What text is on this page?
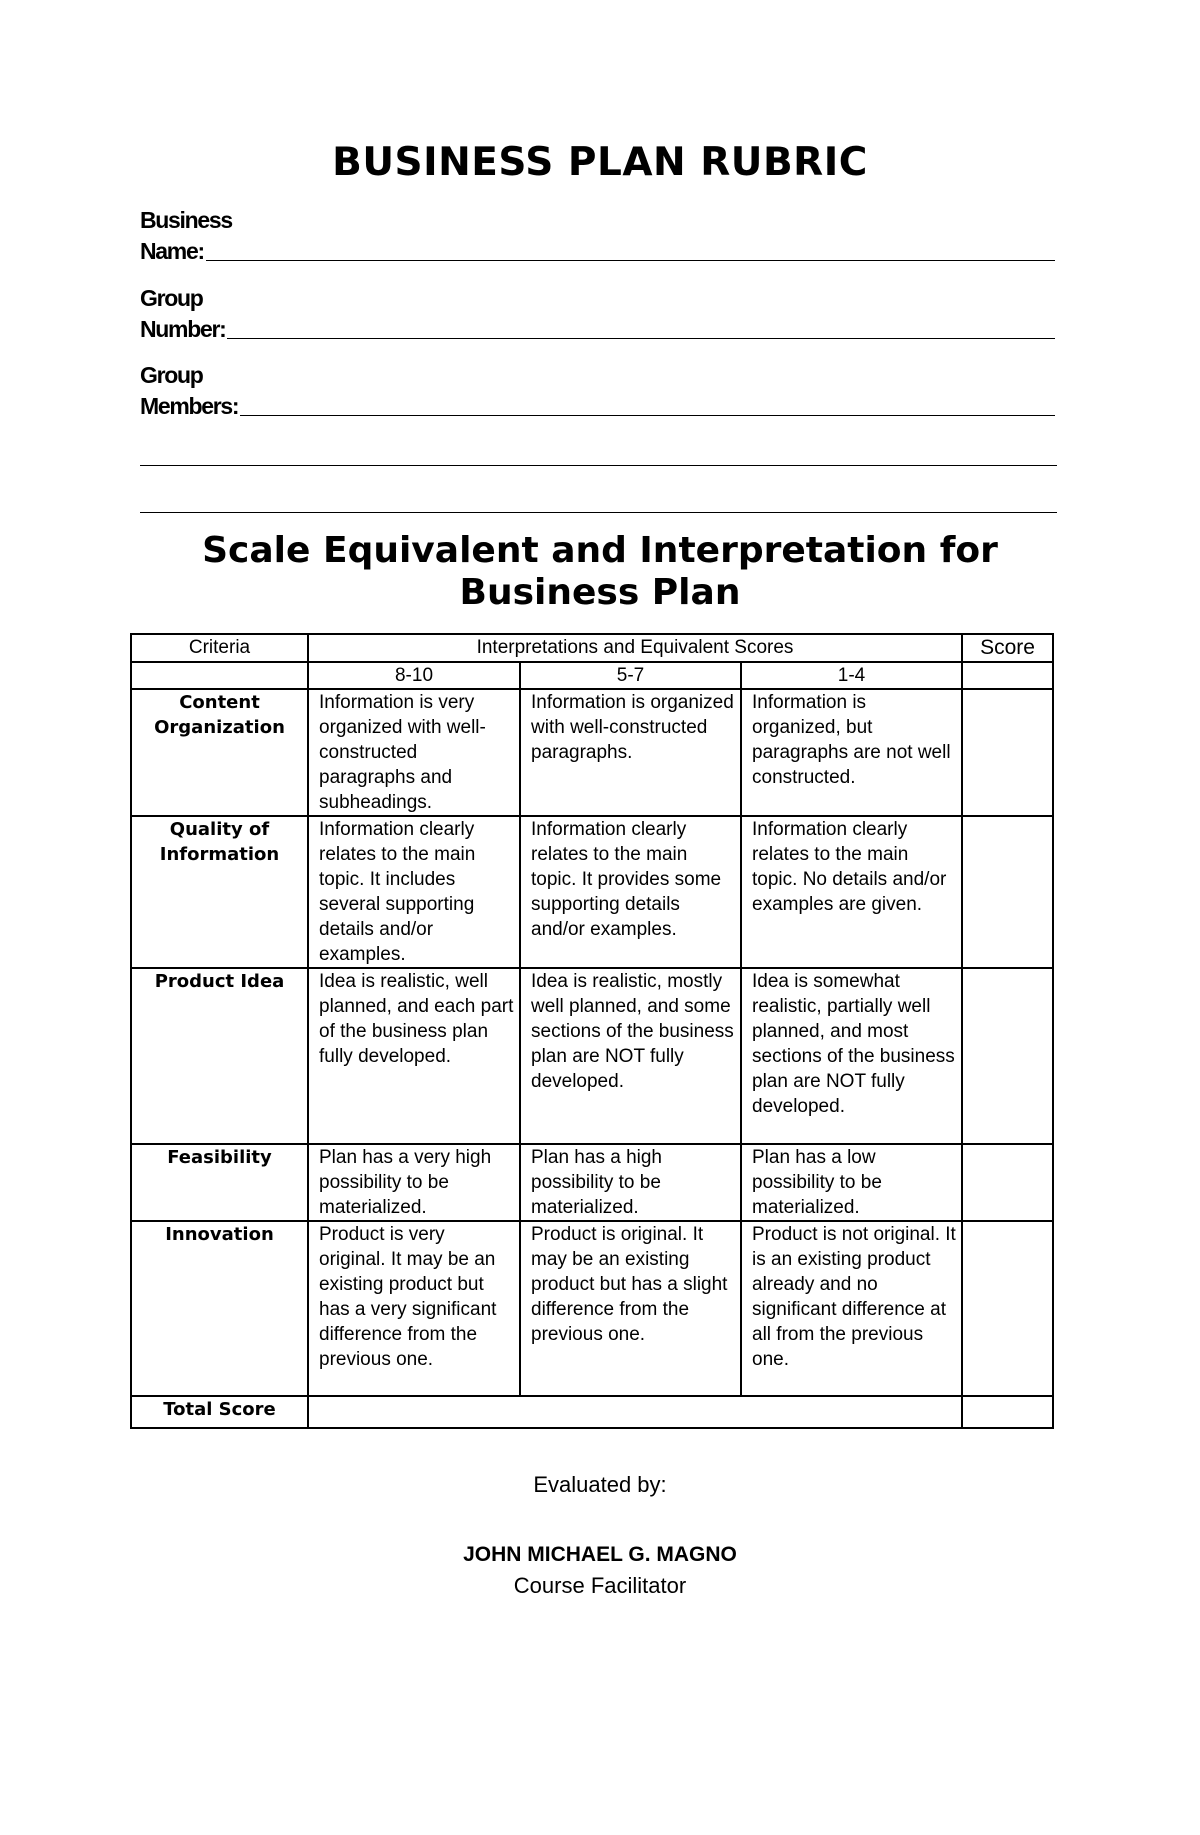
BUSINESS PLAN RUBRIC
Business
Name:
Group
Number:
Group
Members:
Scale Equivalent and Interpretation for
Business Plan
Criteria	Interpretations and Equivalent Scores			Score
	8-10	5-7	1-4	
Content Organization	Information is very organized with well-constructed paragraphs and subheadings.	Information is organized with well-constructed paragraphs.	Information is organized, but paragraphs are not well constructed.	
Quality of Information	Information clearly relates to the main topic. It includes several supporting details and/or examples.	Information clearly relates to the main topic. It provides some supporting details and/or examples.	Information clearly relates to the main topic. No details and/or examples are given.	
Product Idea	Idea is realistic, well planned, and each part of the business plan fully developed.	Idea is realistic, mostly well planned, and some sections of the business plan are NOT fully developed.	Idea is somewhat realistic, partially well planned, and most sections of the business plan are NOT fully developed.	
Feasibility	Plan has a very high possibility to be materialized.	Plan has a high possibility to be materialized.	Plan has a low possibility to be materialized.	
Innovation	Product is very original. It may be an existing product but has a very significant difference from the previous one.	Product is original. It may be an existing product but has a slight difference from the previous one.	Product is not original. It is an existing product already and no significant difference at all from the previous one.	
Total Score				
Evaluated by:
JOHN MICHAEL G. MAGNO
Course Facilitator
